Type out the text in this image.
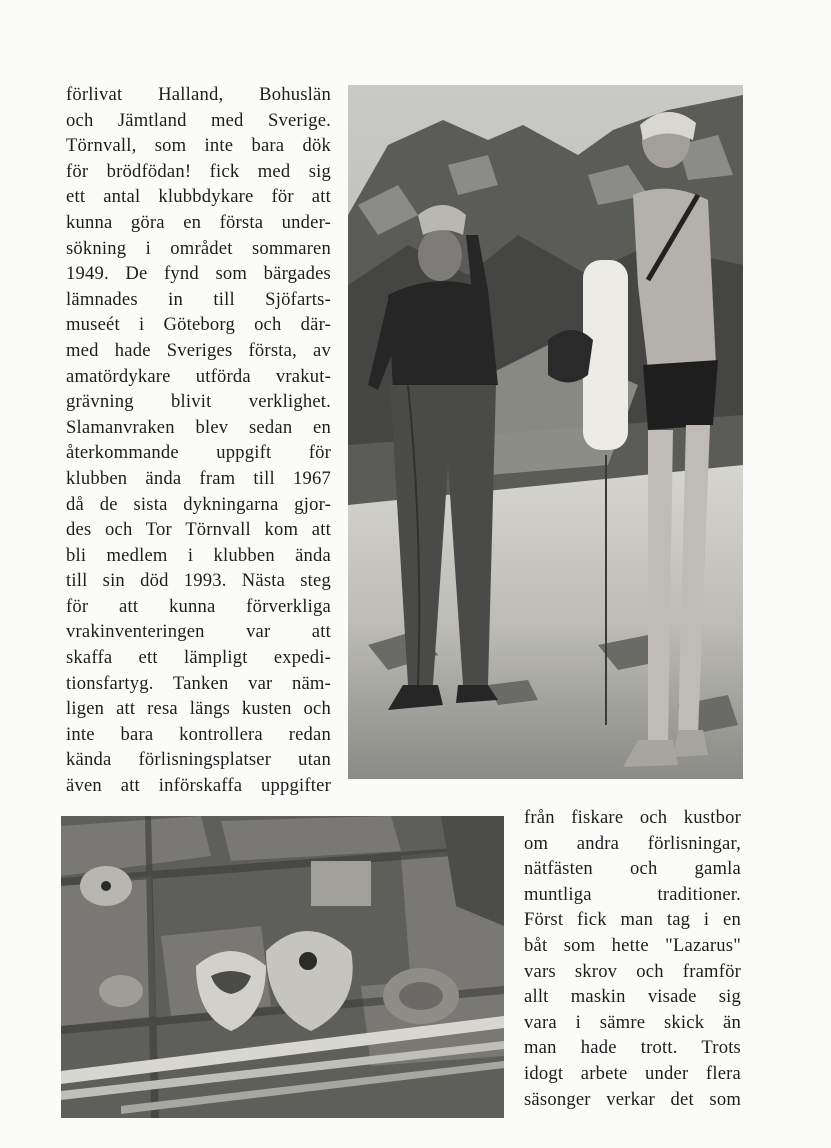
förlivat Halland, Bohuslän
och Jämtland med Sverige.
Törnvall, som inte bara dök
för brödfödan! fick med sig
ett antal klubbdykare för att
kunna göra en första under-
sökning i området sommaren
1949. De fynd som bärgades
lämnades in till Sjöfarts-
museét i Göteborg och där-
med hade Sveriges första, av
amatördykare utförda vrakut-
grävning blivit verklighet.
Slamanvraken blev sedan en
återkommande uppgift för
klubben ända fram till 1967
då de sista dykningarna gjor-
des och Tor Törnvall kom att
bli medlem i klubben ända
till sin död 1993. Nästa steg
för att kunna förverkliga
vrakinventeringen var att
skaffa ett lämpligt expedi-
tionsfartyg. Tanken var näm-
ligen att resa längs kusten och
inte bara kontrollera redan
kända förlisningsplatser utan
även att införskaffa uppgifter
från fiskare och kustbor
om andra förlisningar,
nätfästen och gamla
muntliga traditioner.
Först fick man tag i en
båt som hette "Lazarus"
vars skrov och framför
allt maskin visade sig
vara i sämre skick än
man hade trott. Trots
idogt arbete under flera
säsonger verkar det som
